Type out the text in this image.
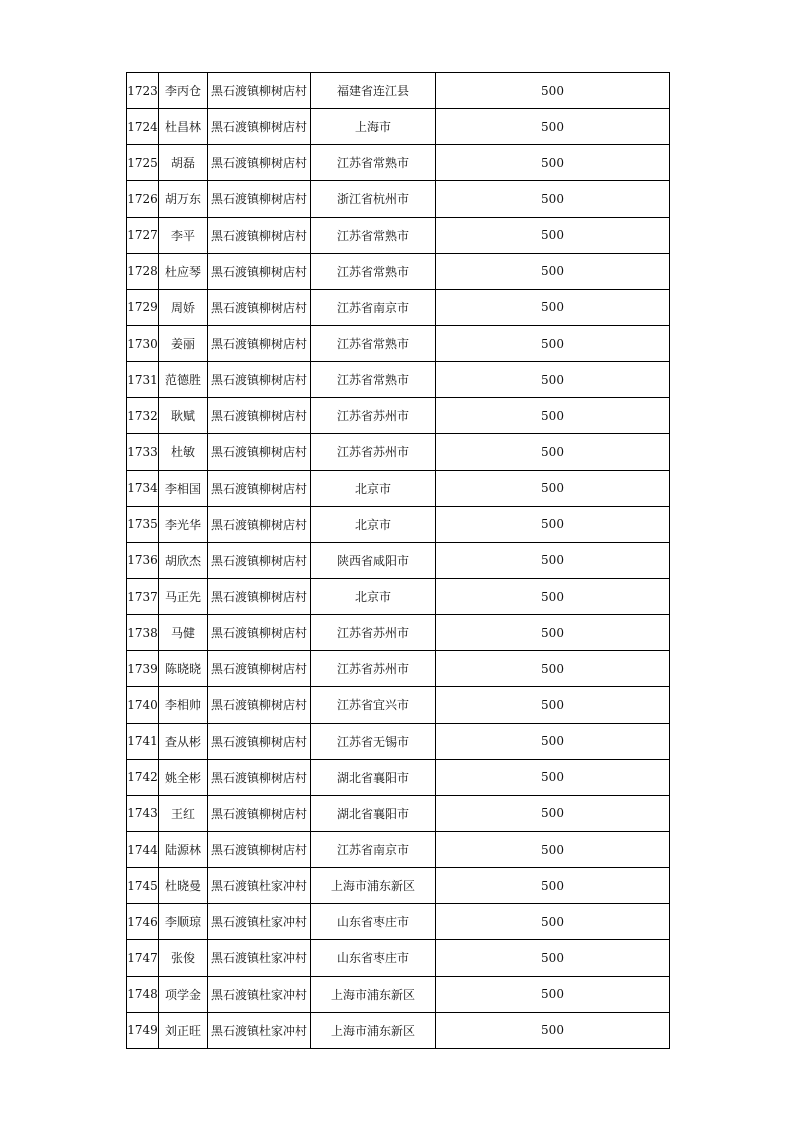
1723	李丙仓	黑石渡镇柳树店村	福建省连江县	500
1724	杜昌林	黑石渡镇柳树店村	上海市	500
1725	胡磊	黑石渡镇柳树店村	江苏省常熟市	500
1726	胡万东	黑石渡镇柳树店村	浙江省杭州市	500
1727	李平	黑石渡镇柳树店村	江苏省常熟市	500
1728	杜应琴	黑石渡镇柳树店村	江苏省常熟市	500
1729	周娇	黑石渡镇柳树店村	江苏省南京市	500
1730	姜丽	黑石渡镇柳树店村	江苏省常熟市	500
1731	范德胜	黑石渡镇柳树店村	江苏省常熟市	500
1732	耿赋	黑石渡镇柳树店村	江苏省苏州市	500
1733	杜敏	黑石渡镇柳树店村	江苏省苏州市	500
1734	李相国	黑石渡镇柳树店村	北京市	500
1735	李光华	黑石渡镇柳树店村	北京市	500
1736	胡欣杰	黑石渡镇柳树店村	陕西省咸阳市	500
1737	马正先	黑石渡镇柳树店村	北京市	500
1738	马健	黑石渡镇柳树店村	江苏省苏州市	500
1739	陈晓晓	黑石渡镇柳树店村	江苏省苏州市	500
1740	李相帅	黑石渡镇柳树店村	江苏省宜兴市	500
1741	查从彬	黑石渡镇柳树店村	江苏省无锡市	500
1742	姚全彬	黑石渡镇柳树店村	湖北省襄阳市	500
1743	王红	黑石渡镇柳树店村	湖北省襄阳市	500
1744	陆源林	黑石渡镇柳树店村	江苏省南京市	500
1745	杜晓曼	黑石渡镇杜家冲村	上海市浦东新区	500
1746	李顺琼	黑石渡镇杜家冲村	山东省枣庄市	500
1747	张俊	黑石渡镇杜家冲村	山东省枣庄市	500
1748	项学金	黑石渡镇杜家冲村	上海市浦东新区	500
1749	刘正旺	黑石渡镇杜家冲村	上海市浦东新区	500
